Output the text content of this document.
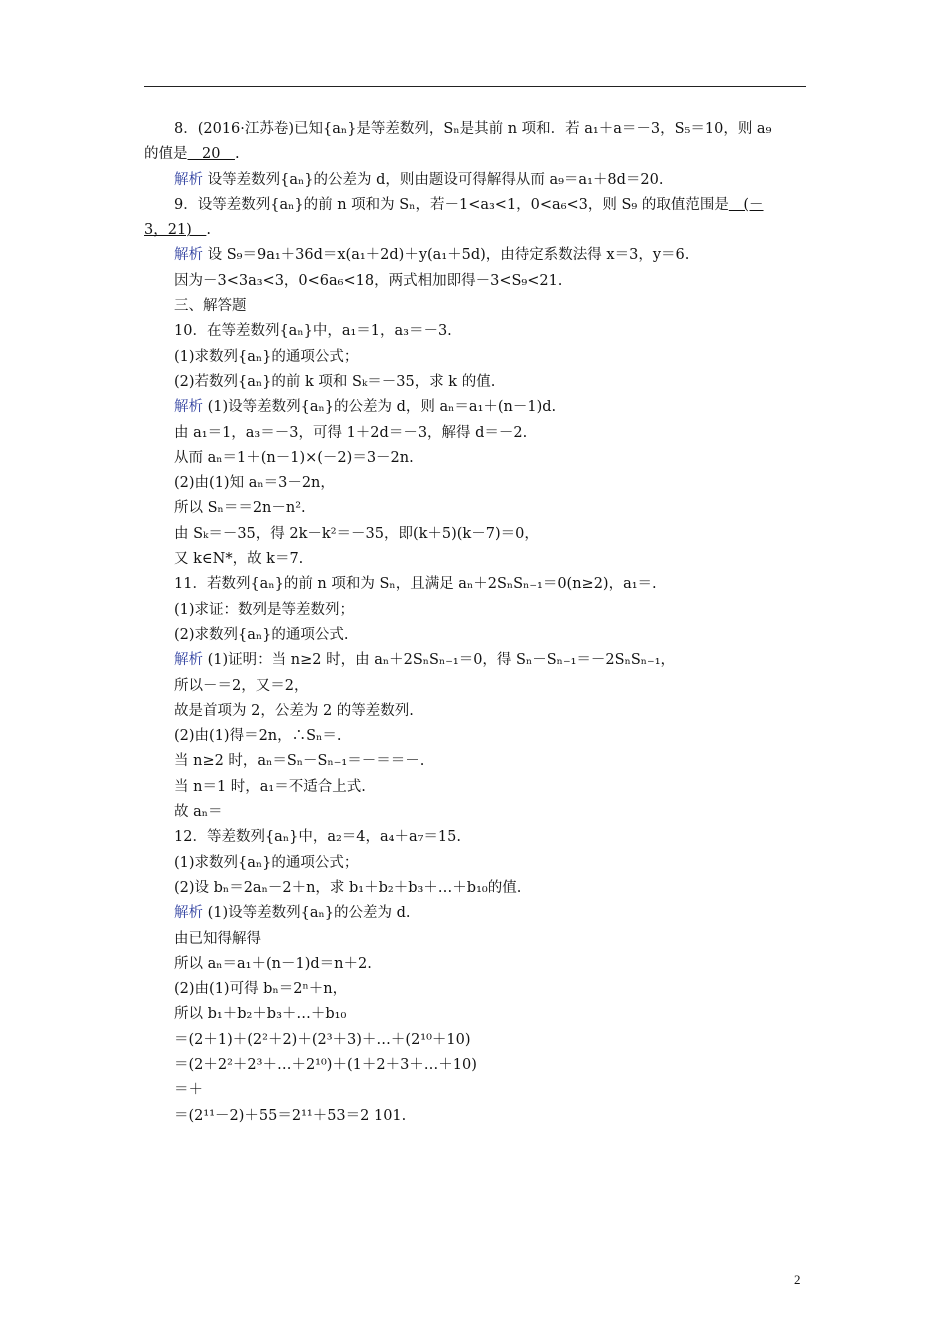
8．(2016·江苏卷)已知{aₙ}是等差数列，Sₙ是其前 n 项和．若 a₁＋a＝－3，S₅＝10，则 a₉
的值是　20　.
解析 设等差数列{aₙ}的公差为 d，则由题设可得解得从而 a₉＝a₁＋8d＝20.
9．设等差数列{aₙ}的前 n 项和为 Sₙ，若－1<a₃<1，0<a₆<3，则 S₉ 的取值范围是　(－
3，21)　.
解析 设 S₉＝9a₁＋36d＝x(a₁＋2d)＋y(a₁＋5d)，由待定系数法得 x＝3，y＝6.
因为－3<3a₃<3，0<6a₆<18，两式相加即得－3<S₉<21.
三、解答题
10．在等差数列{aₙ}中，a₁＝1，a₃＝－3.
(1)求数列{aₙ}的通项公式；
(2)若数列{aₙ}的前 k 项和 Sₖ＝－35，求 k 的值.
解析 (1)设等差数列{aₙ}的公差为 d，则 aₙ＝a₁＋(n－1)d.
由 a₁＝1，a₃＝－3，可得 1＋2d＝－3，解得 d＝－2.
从而 aₙ＝1＋(n－1)×(－2)＝3－2n.
(2)由(1)知 aₙ＝3－2n，
所以 Sₙ＝＝2n－n².
由 Sₖ＝－35，得 2k－k²＝－35，即(k＋5)(k－7)＝0，
又 k∈N*，故 k＝7.
11．若数列{aₙ}的前 n 项和为 Sₙ，且满足 aₙ＋2SₙSₙ₋₁＝0(n≥2)，a₁＝.
(1)求证：数列是等差数列；
(2)求数列{aₙ}的通项公式.
解析 (1)证明：当 n≥2 时，由 aₙ＋2SₙSₙ₋₁＝0，得 Sₙ－Sₙ₋₁＝－2SₙSₙ₋₁，
所以－＝2，又＝2，
故是首项为 2，公差为 2 的等差数列.
(2)由(1)得＝2n，∴Sₙ＝.
当 n≥2 时，aₙ＝Sₙ－Sₙ₋₁＝－＝＝－.
当 n＝1 时，a₁＝不适合上式.
故 aₙ＝
12．等差数列{aₙ}中，a₂＝4，a₄＋a₇＝15.
(1)求数列{aₙ}的通项公式；
(2)设 bₙ＝2aₙ－2＋n，求 b₁＋b₂＋b₃＋…＋b₁₀的值.
解析 (1)设等差数列{aₙ}的公差为 d.
由已知得解得
所以 aₙ＝a₁＋(n－1)d＝n＋2.
(2)由(1)可得 bₙ＝2ⁿ＋n，
所以 b₁＋b₂＋b₃＋…＋b₁₀
＝(2＋1)＋(2²＋2)＋(2³＋3)＋…＋(2¹⁰＋10)
＝(2＋2²＋2³＋…＋2¹⁰)＋(1＋2＋3＋…＋10)
＝＋
＝(2¹¹－2)＋55＝2¹¹＋53＝2 101.
2
